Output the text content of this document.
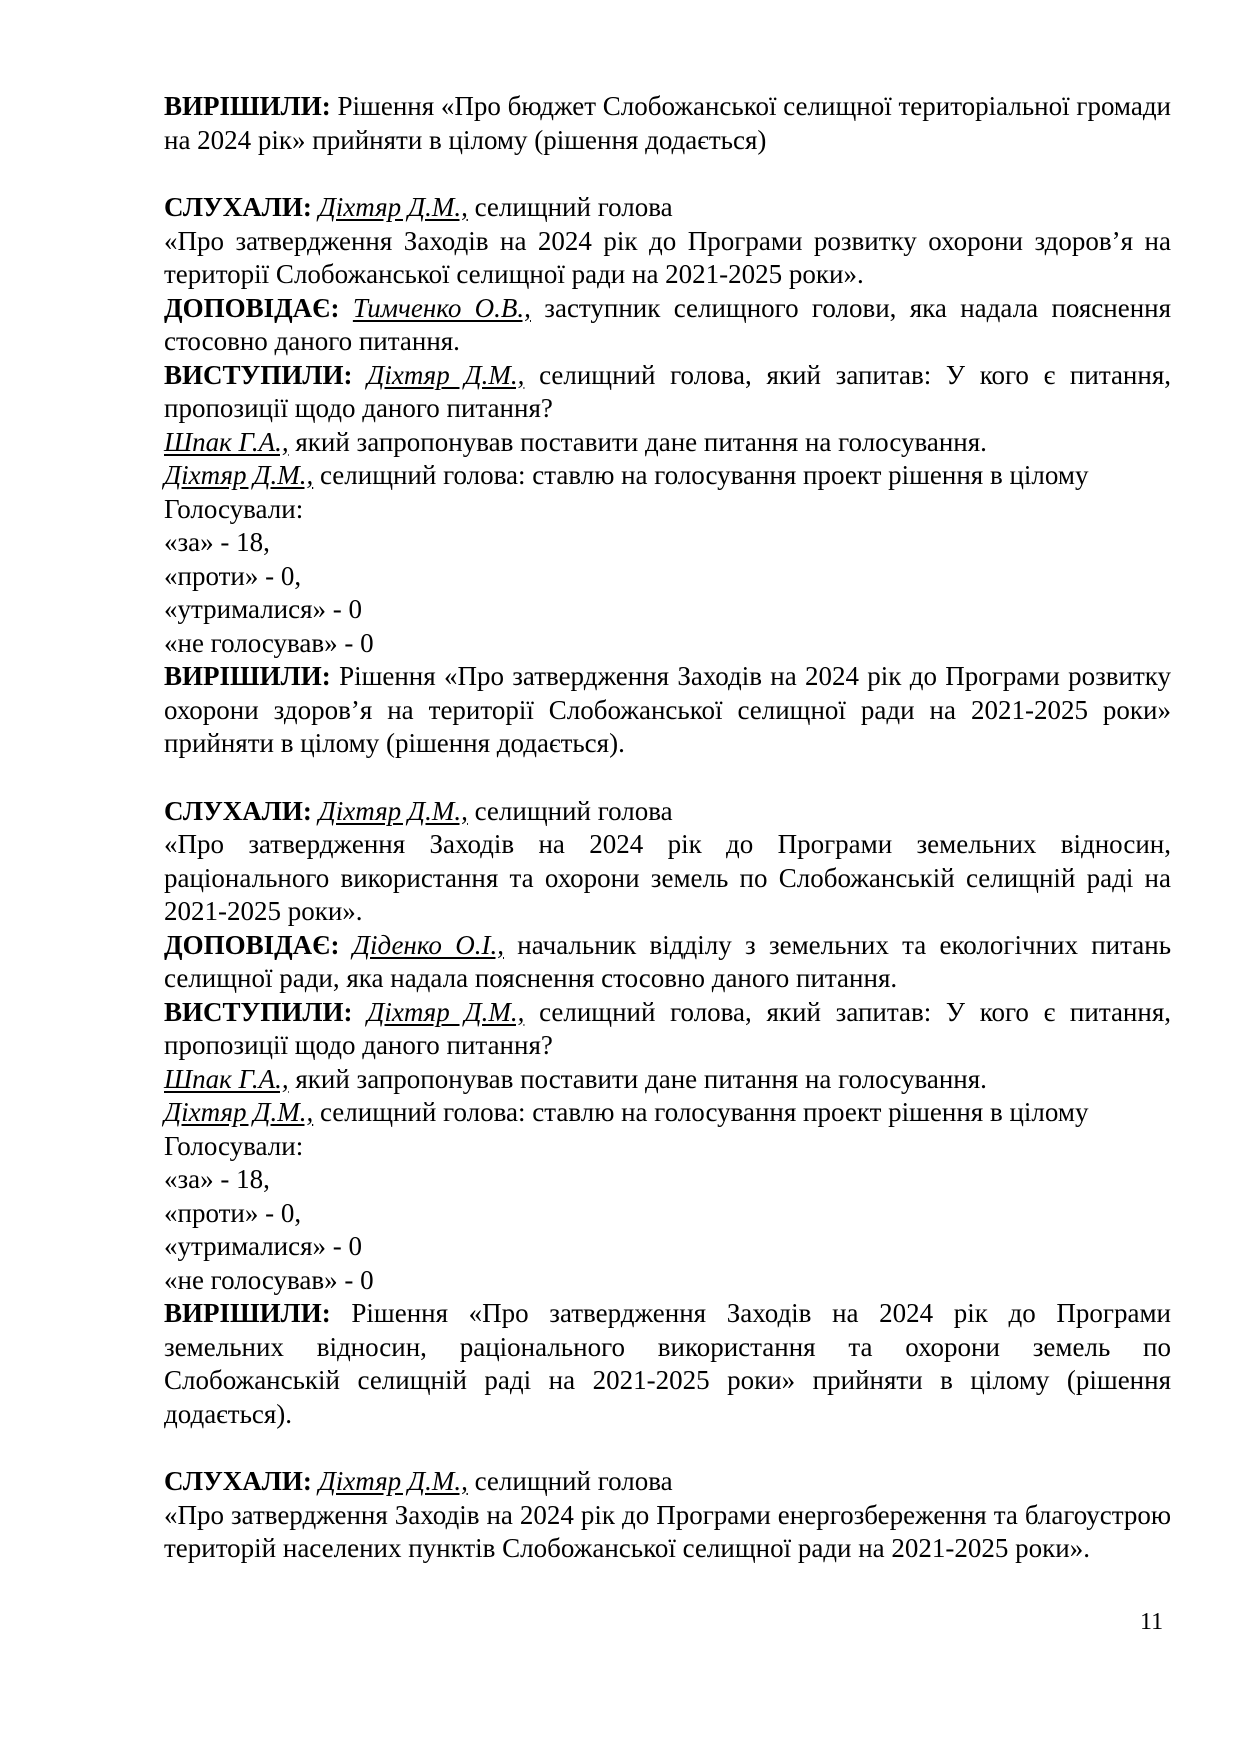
ВИРІШИЛИ: Рішення «Про бюджет Слобожанської селищної територіальної громади на 2024 рік» прийняти в цілому (рішення додається)

СЛУХАЛИ: Діхтяр Д.М., селищний голова

«Про затвердження Заходів на 2024 рік до Програми розвитку охорони здоров’я на території Слобожанської селищної ради на 2021-2025 роки».

ДОПОВІДАЄ: Тимченко О.В., заступник селищного голови, яка надала пояснення стосовно даного питання.

ВИСТУПИЛИ: Діхтяр Д.М., селищний голова, який запитав: У кого є питання, пропозиції щодо даного питання?

Шпак Г.А., який запропонував поставити дане питання на голосування.

Діхтяр Д.М., селищний голова: ставлю на голосування проект рішення в цілому

Голосували:

«за» - 18,

«проти» - 0,

«утрималися» - 0

«не голосував» - 0

ВИРІШИЛИ: Рішення «Про затвердження Заходів на 2024 рік до Програми розвитку охорони здоров’я на території Слобожанської селищної ради на 2021-2025 роки» прийняти в цілому (рішення додається).

СЛУХАЛИ: Діхтяр Д.М., селищний голова

«Про затвердження Заходів на 2024 рік до Програми земельних відносин, раціонального використання та охорони земель по Слобожанській селищній раді на 2021-2025 роки».

ДОПОВІДАЄ: Діденко О.І., начальник відділу з земельних та екологічних питань селищної ради, яка надала пояснення стосовно даного питання.

ВИСТУПИЛИ: Діхтяр Д.М., селищний голова, який запитав: У кого є питання, пропозиції щодо даного питання?

Шпак Г.А., який запропонував поставити дане питання на голосування.

Діхтяр Д.М., селищний голова: ставлю на голосування проект рішення в цілому

Голосували:

«за» - 18,

«проти» - 0,

«утрималися» - 0

«не голосував» - 0

ВИРІШИЛИ: Рішення «Про затвердження Заходів на 2024 рік до Програми земельних відносин, раціонального використання та охорони земель по Слобожанській селищній раді на 2021-2025 роки» прийняти в цілому (рішення додається).

СЛУХАЛИ: Діхтяр Д.М., селищний голова

«Про затвердження Заходів на 2024 рік до Програми енергозбереження та благоустрою територій населених пунктів Слобожанської селищної ради на 2021-2025 роки».

11
